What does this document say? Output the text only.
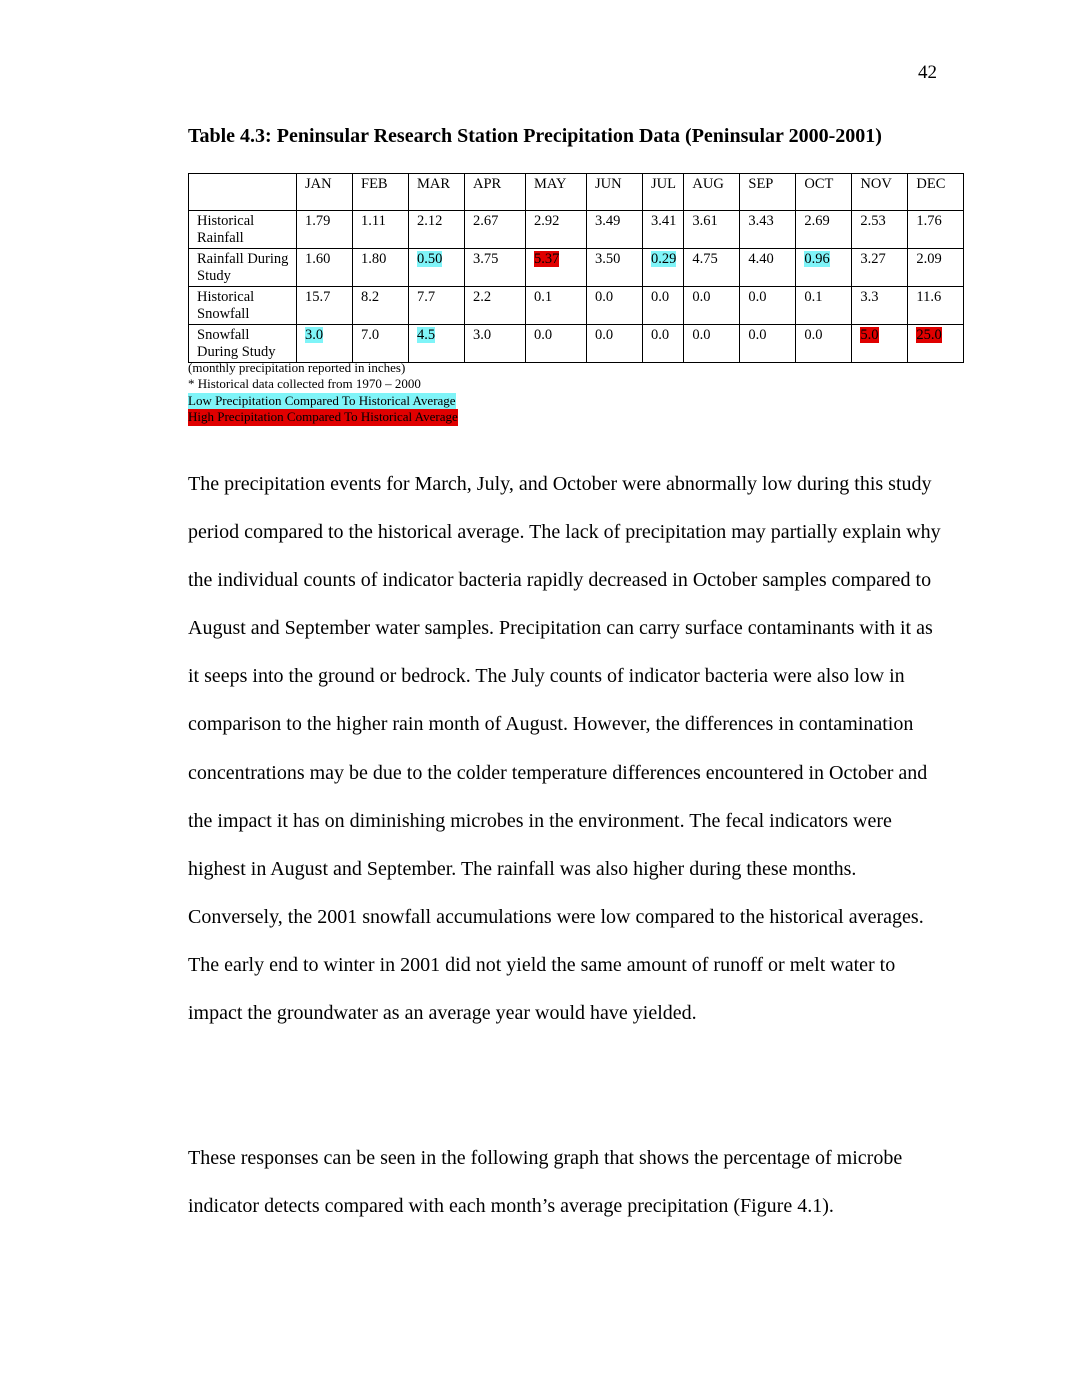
42
Table 4.3: Peninsular Research Station Precipitation Data (Peninsular 2000-2001)
	JAN	FEB	MAR	APR	MAY	JUN	JUL	AUG	SEP	OCT	NOV	DEC
Historical Rainfall	1.79	1.11	2.12	2.67	2.92	3.49	3.41	3.61	3.43	2.69	2.53	1.76
Rainfall During Study	1.60	1.80	0.50	3.75	5.37	3.50	0.29	4.75	4.40	0.96	3.27	2.09
Historical Snowfall	15.7	8.2	7.7	2.2	0.1	0.0	0.0	0.0	0.0	0.1	3.3	11.6
Snowfall During Study	3.0	7.0	4.5	3.0	0.0	0.0	0.0	0.0	0.0	0.0	5.0	25.0
(monthly precipitation reported in inches)
* Historical data collected from 1970 – 2000
Low Precipitation Compared To Historical Average
High Precipitation Compared To Historical Average

The precipitation events for March, July, and October were abnormally low during this study period compared to the historical average. The lack of precipitation may partially explain why the individual counts of indicator bacteria rapidly decreased in October samples compared to August and September water samples. Precipitation can carry surface contaminants with it as it seeps into the ground or bedrock. The July counts of indicator bacteria were also low in comparison to the higher rain month of August. However, the differences in contamination concentrations may be due to the colder temperature differences encountered in October and the impact it has on diminishing microbes in the environment. The fecal indicators were highest in August and September. The rainfall was also higher during these months. Conversely, the 2001 snowfall accumulations were low compared to the historical averages. The early end to winter in 2001 did not yield the same amount of runoff or melt water to impact the groundwater as an average year would have yielded.

These responses can be seen in the following graph that shows the percentage of microbe indicator detects compared with each month’s average precipitation (Figure 4.1).
